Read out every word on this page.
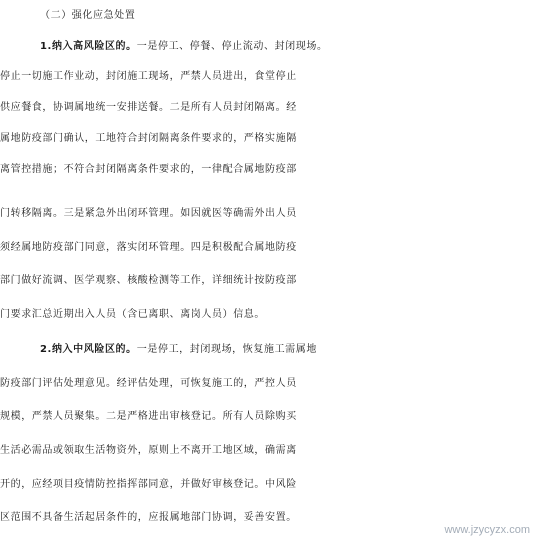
（二）强化应急处置
1.纳入高风险区的。一是停工、停餐、停止流动、封闭现场。
停止一切施工作业动，封闭施工现场，严禁人员进出，食堂停止
供应餐食，协调属地统一安排送餐。二是所有人员封闭隔离。经
属地防疫部门确认，工地符合封闭隔离条件要求的，严格实施隔
离管控措施；不符合封闭隔离条件要求的，一律配合属地防疫部
门转移隔离。三是紧急外出闭环管理。如因就医等确需外出人员
须经属地防疫部门同意，落实闭环管理。四是积极配合属地防疫
部门做好流调、医学观察、核酸检测等工作，详细统计按防疫部
门要求汇总近期出入人员（含已离职、离岗人员）信息。
2.纳入中风险区的。一是停工，封闭现场，恢复施工需属地
防疫部门评估处理意见。经评估处理，可恢复施工的，严控人员
规模，严禁人员聚集。二是严格进出审核登记。所有人员除购买
生活必需品或领取生活物资外，原则上不离开工地区域，确需离
开的，应经项目疫情防控指挥部同意，并做好审核登记。中风险
区范围不具备生活起居条件的，应报属地部门协调，妥善安置。
www.jzycyzx.com
